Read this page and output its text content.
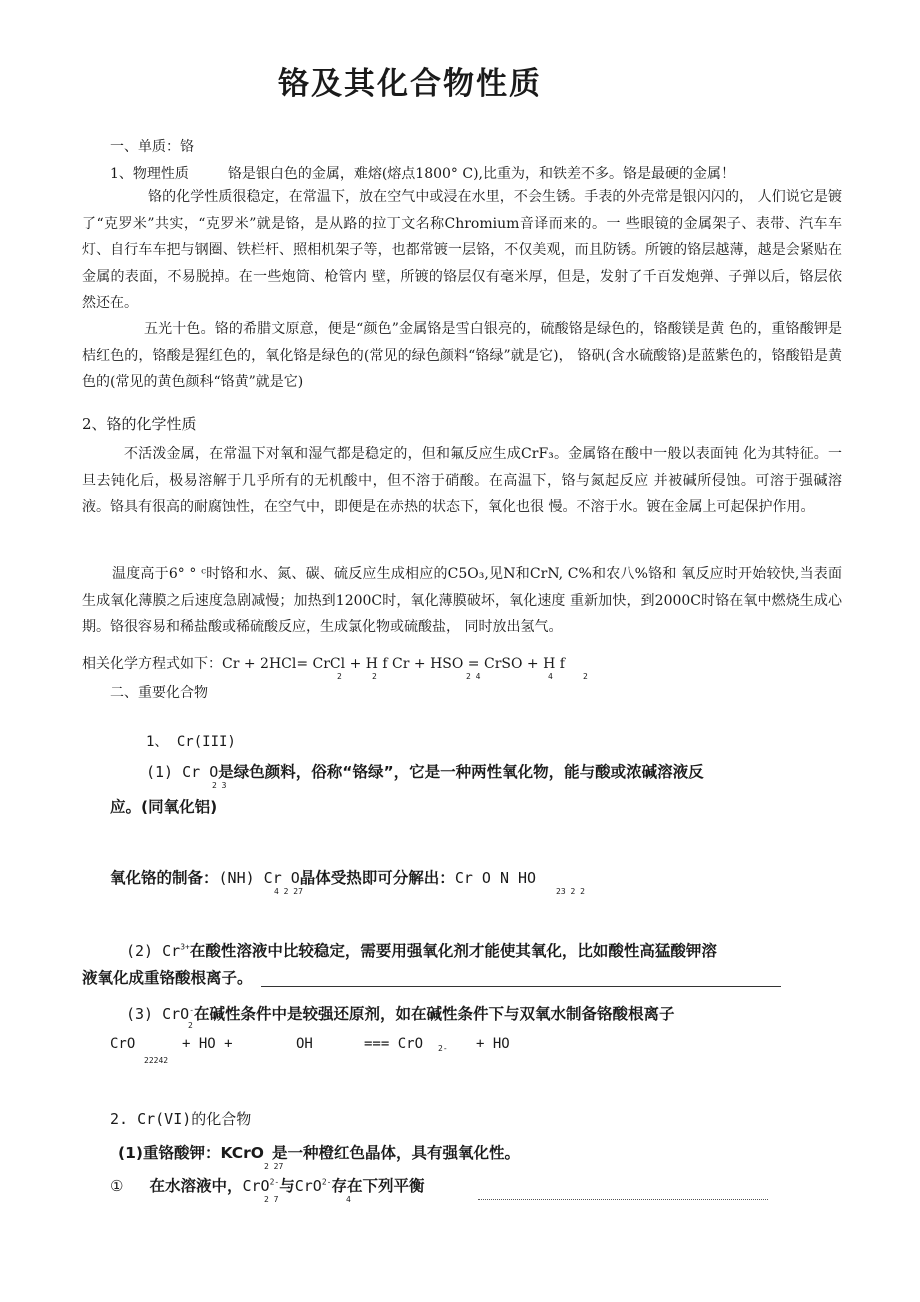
铬及其化合物性质
一、单质：铬
1、物理性质	铬是银白色的金属，难熔(熔点1800° C),比重为，和铁差不多。铬是最硬的金属！

铬的化学性质很稳定，在常温下，放在空气中或浸在水里，不会生锈。手表的外壳常是银闪闪的， 人们说它是镀了“克罗米”共实，“克罗米”就是铬，是从路的拉丁文名称Chromium音译而来的。一 些眼镜的金属架子、表带、汽车车灯、自行车车把与钢圈、铁栏杆、照相机架子等，也都常镀一层铬，不仅美观，而且防锈。所镀的铬层越薄，越是会紧贴在金属的表面，不易脱掉。在一些炮筒、枪管内 壁，所镀的铬层仅有毫米厚，但是，发射了千百发炮弹、子弹以后，铬层依然还在。

五光十色。铬的希腊文原意，便是“颜色”金属铬是雪白银亮的，硫酸铬是绿色的，铬酸镁是黄 色的，重铬酸钾是桔红色的，铬酸是猩红色的，氧化铬是绿色的(常见的绿色颜料“铬绿”就是它)， 铬矾(含水硫酸铬)是蓝紫色的，铬酸铅是黄色的(常见的黄色颜科“铬黄”就是它)

2、铬的化学性质

不活泼金属，在常温下对氧和湿气都是稳定的，但和氟反应生成CrF₃。金属铬在酸中一般以表面钝 化为其特征。一旦去钝化后，极易溶解于几乎所有的无机酸中，但不溶于硝酸。在高温下，铬与氮起反应 并被碱所侵蚀。可溶于强碱溶液。铬具有很高的耐腐蚀性，在空气中，即便是在赤热的状态下，氧化也很 慢。不溶于水。镀在金属上可起保护作用。

温度高于6° ° ᶜ时铬和水、氮、碳、硫反应生成相应的C5O₃,见N和CrN, C%和农八%铬和 氧反应时开始较快,当表面生成氧化薄膜之后速度急剧减慢；加热到1200C时，氧化薄膜破坏，氧化速度 重新加快，到2000C时铬在氧中燃烧生成心期。铬很容易和稀盐酸或稀硫酸反应，生成氯化物或硫酸盐， 同时放出氢气。

相关化学方程式如下：Cr + 2HCl= CrCl + H f Cr + HSO = CrSO + H f
2	2	2 4	4	2
二、重要化合物
1、 Cr(III)
(1) Cr O是绿色颜料，俗称“铬绿”，它是一种两性氧化物，能与酸或浓碱溶液反
2 3
应。(同氧化铝)
氧化铬的制备：(NH) Cr O晶体受热即可分解出：Cr O N HO
4 2 27	23 2 2
(2) $Cr^{3+}$在酸性溶液中比较稳定，需要用强氧化剂才能使其氧化，比如酸性高猛酸钾溶
液氧化成重铬酸根离子。
(3) CrO-在碱性条件中是较强还原剂，如在碱性条件下与双氧水制备铬酸根离子
2
CrO
22242
+ HO +	OH	=== CrO 2- + HO
2. Cr(VI)的化合物
(1)重铬酸钾：KCrO 是一种橙红色晶体，具有强氧化性。
2 27
① 在水溶液中，CrO$^{2-}$与CrO$^{2-}$存在下列平衡
2 7	4
